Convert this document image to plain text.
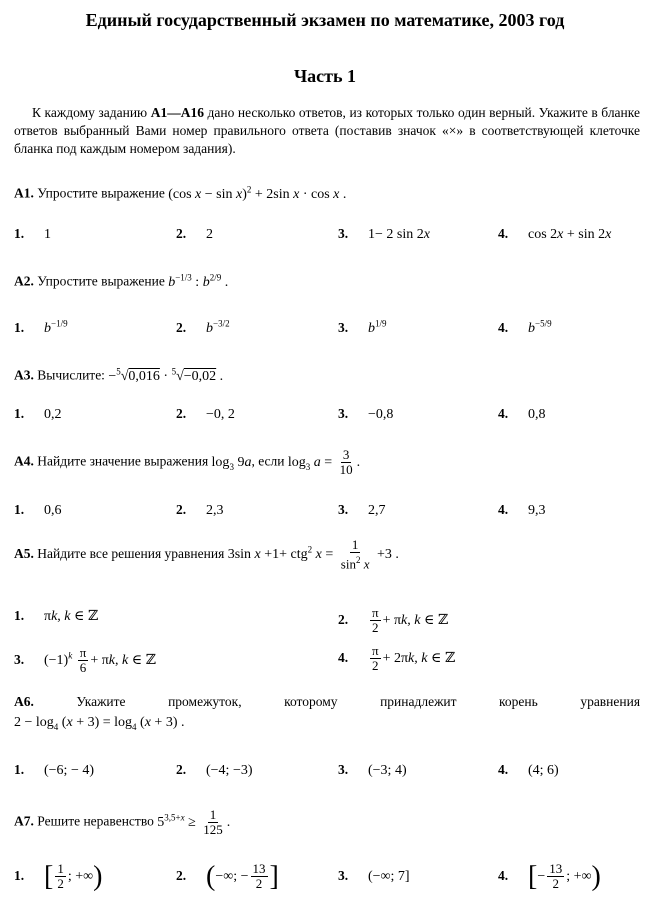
Единый государственный экзамен по математике, 2003 год
Часть 1
К каждому заданию A1—A16 дано несколько ответов, из которых только один верный. Укажите в бланке ответов выбранный Вами номер правильного ответа (поставив значок «×» в соответствующей клеточке бланка под каждым номером задания).
A1. Упростите выражение (cos x − sin x)$^2$ + 2sin x · cos x .
1. 1	2. 2	3. 1− 2 sin 2x	4. cos 2x + sin 2x
A2. Упростите выражение $b^{-1/3}$ : $b^{2/9}$ .
1. $b^{-1/9}$	2. $b^{-3/2}$	3. $b^{1/9}$	4. $b^{-5/9}$
A3. Вычислите: −$^5$√0,016 · $^5$√−0,02 .
1. 0,2	2. −0, 2	3. −0,8	4. 0,8
A4. Найдите значение выражения $\log_3 9a$, если $\log_3 a = \frac{3}{10}$ .
1. 0,6	2. 2,3	3. 2,7	4. 9,3
A5. Найдите все решения уравнения 3sin x +1+ ctg$^2$ $x = \frac{1}{\sin^2 x} +3$ .
1. πk, k ∈ ℤ	2. $\frac{\pi}{2} + \pi k$, k ∈ ℤ
3. $(-1)^k \frac{\pi}{6} + \pi k$, k ∈ ℤ	4. $\frac{\pi}{2} + 2\pi k$, k ∈ ℤ
A6.	Укажите	промежуток,	которому	принадлежит	корень	уравнения
$2 - \log_4 (x + 3) = \log_4 (x + 3)$ .
1. (−6; − 4)	2. (−4; −3)	3. (−3; 4)	4. (4; 6)
A7. Решите неравенство $5^{3,5+x} \ge \frac{1}{125}$ .
1. [ $\frac{1}{2}$ ; +∞)	2. (−∞; − $\frac{13}{2}$ ]	3. (−∞; 7]	4. [− $\frac{13}{2}$ ; +∞)
